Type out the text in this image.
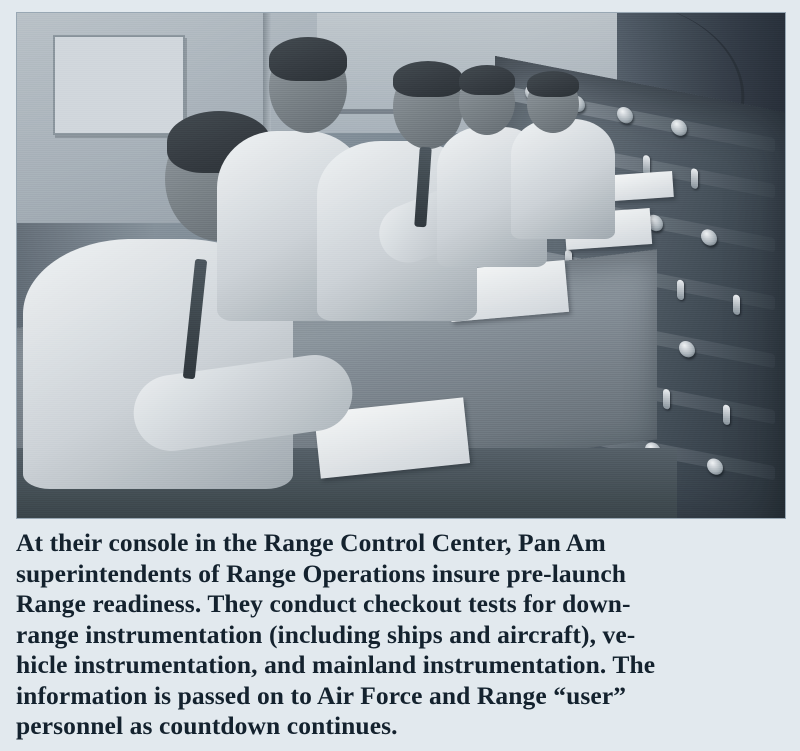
At their console in the Range Control Center, Pan Am

superintendents of Range Operations insure pre-launch

Range readiness. They conduct checkout tests for down-

range instrumentation (including ships and aircraft), ve-

hicle instrumentation, and mainland instrumentation. The

information is passed on to Air Force and Range “user”

personnel as countdown continues.
